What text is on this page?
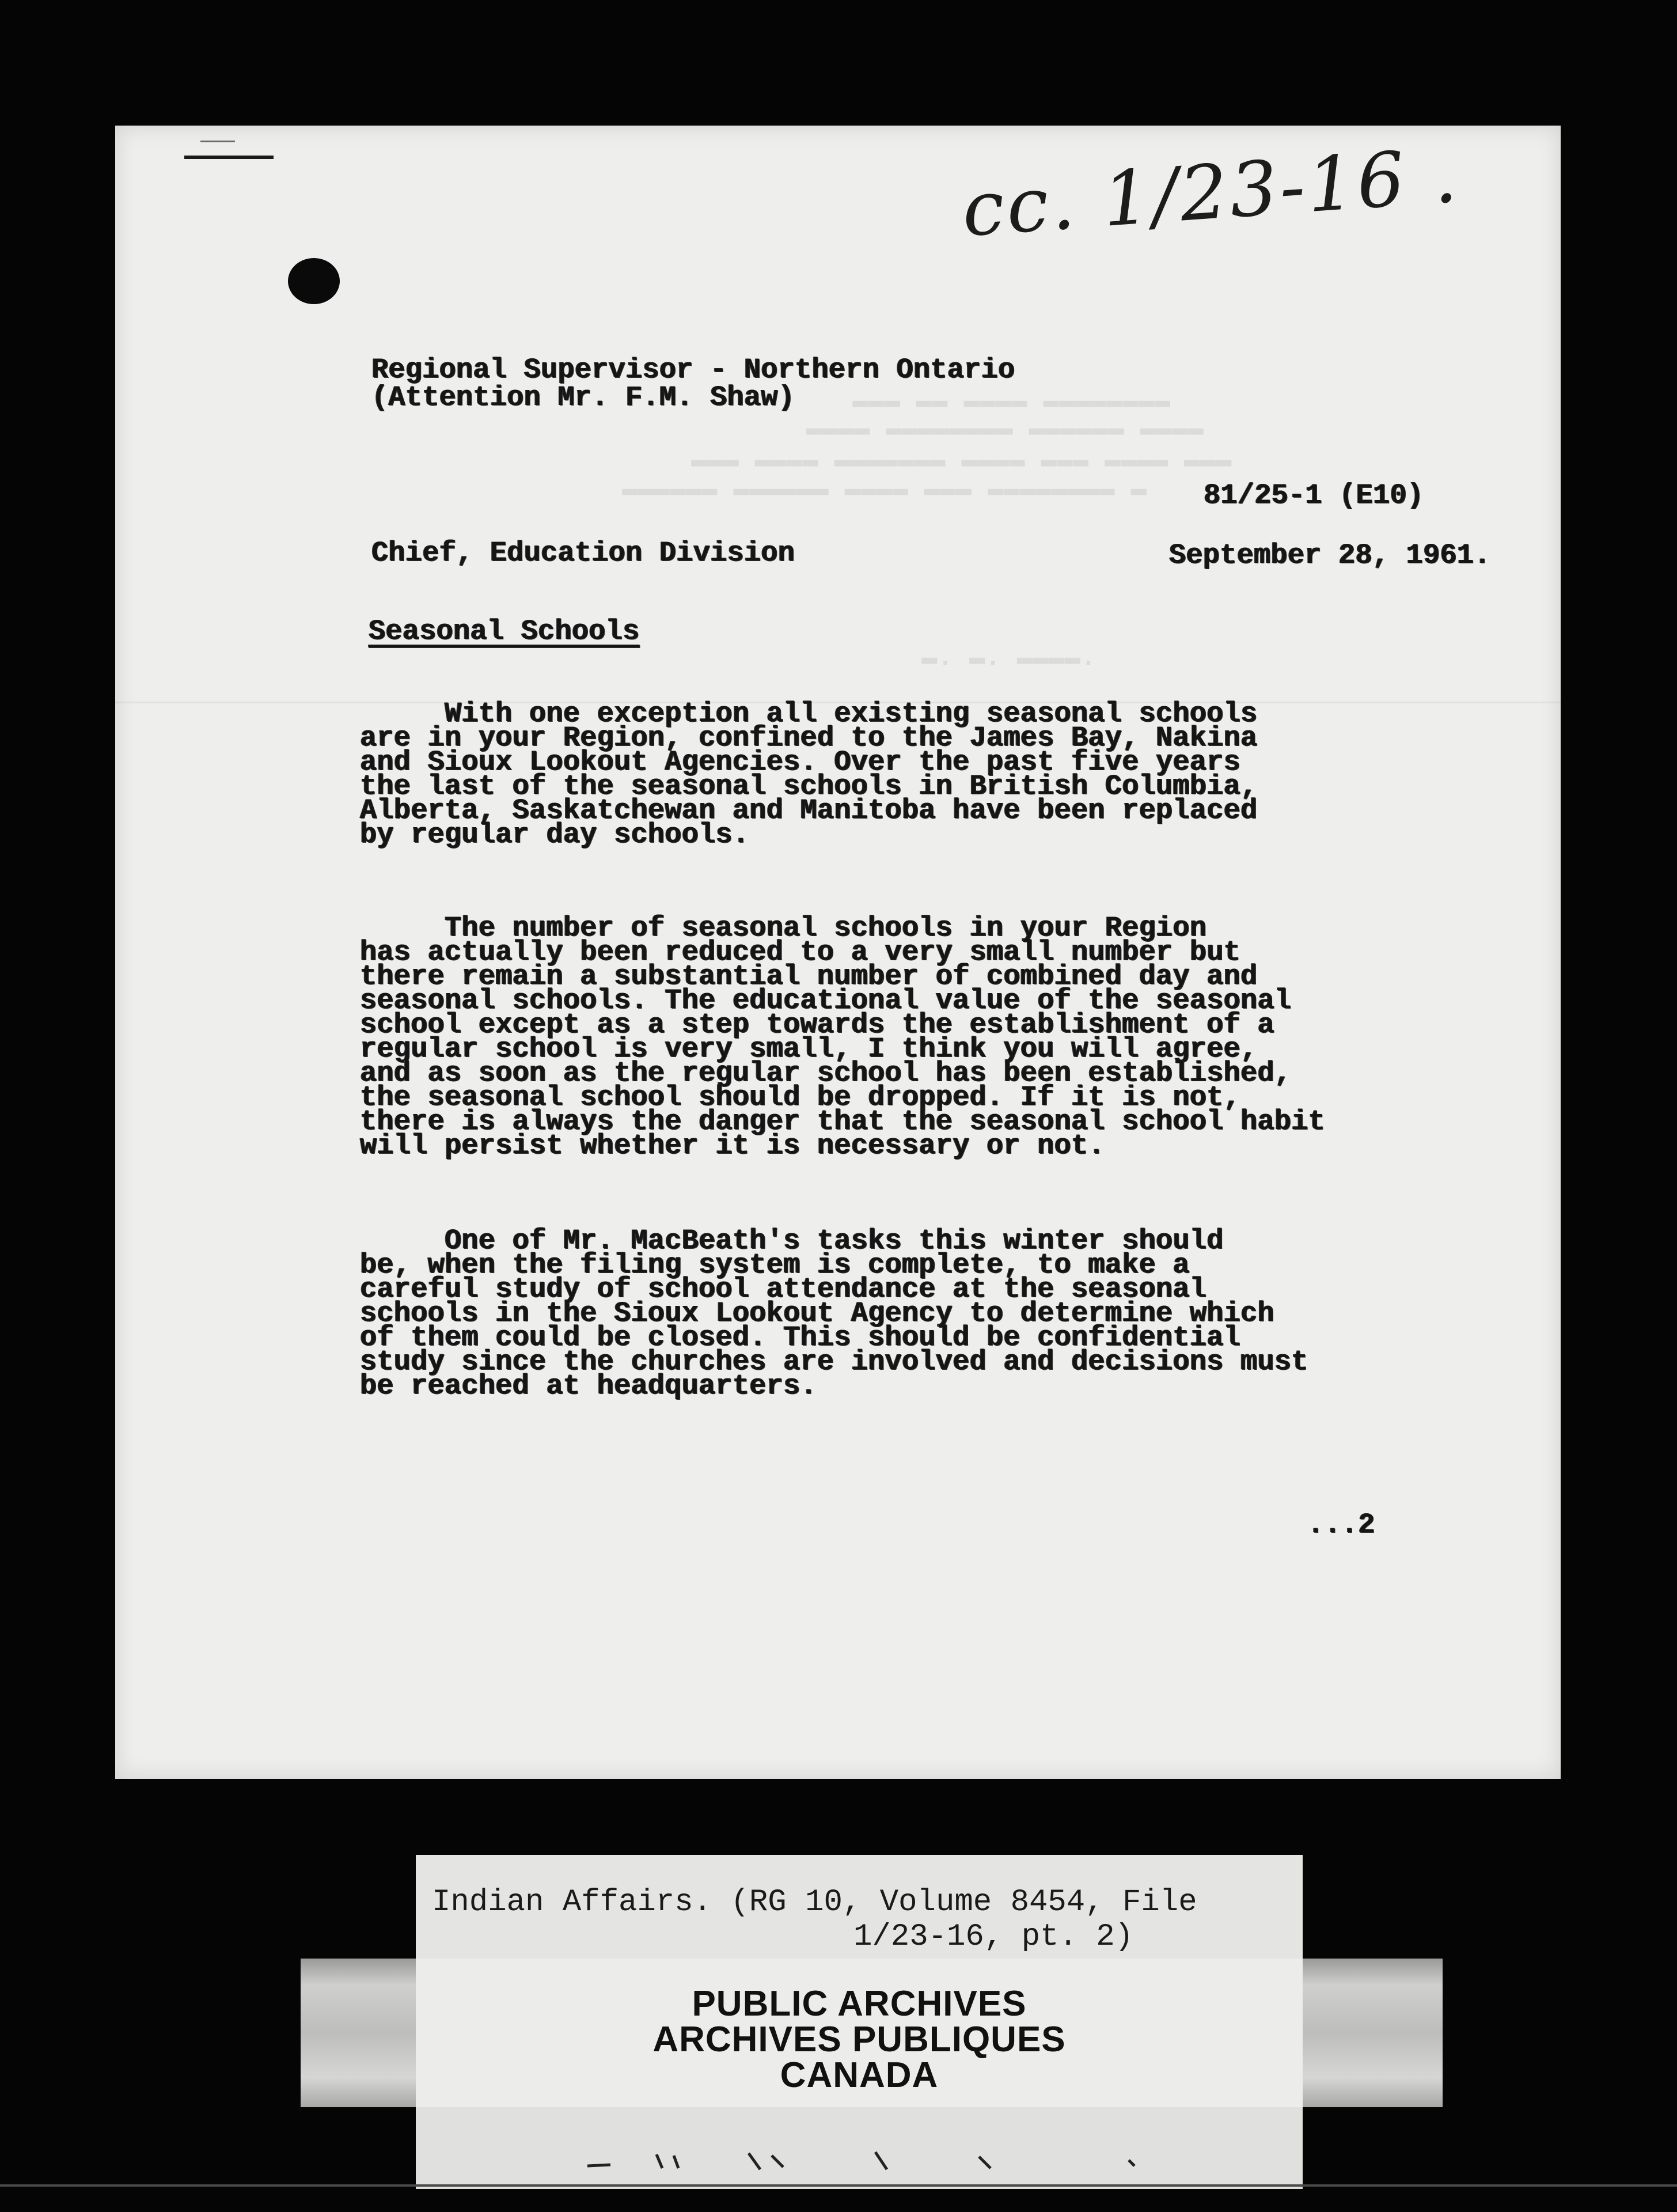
cc. 1/23-16 .
▬▬▬ ▬▬ ▬▬▬▬ ▬▬▬▬▬▬▬▬
▬▬▬▬ ▬▬▬▬▬▬▬▬ ▬▬▬▬▬▬ ▬▬▬▬
▬▬▬ ▬▬▬▬ ▬▬▬▬▬▬▬ ▬▬▬▬ ▬▬▬ ▬▬▬▬ ▬▬▬
▬▬▬▬▬▬ ▬▬▬▬▬▬ ▬▬▬▬ ▬▬▬ ▬▬▬▬▬▬▬▬ ▬
▬. ▬. ▬▬▬▬.
Regional Supervisor - Northern Ontario
(Attention Mr. F.M. Shaw)
81/25-1 (E10)
Chief, Education Division	September 28, 1961.
Seasonal Schools
With one exception all existing seasonal schools
are in your Region, confined to the James Bay, Nakina
and Sioux Lookout Agencies. Over the past five years
the last of the seasonal schools in British Columbia,
Alberta, Saskatchewan and Manitoba have been replaced
by regular day schools.
The number of seasonal schools in your Region
has actually been reduced to a very small number but
there remain a substantial number of combined day and
seasonal schools. The educational value of the seasonal
school except as a step towards the establishment of a
regular school is very small, I think you will agree,
and as soon as the regular school has been established,
the seasonal school should be dropped. If it is not,
there is always the danger that the seasonal school habit
will persist whether it is necessary or not.
One of Mr. MacBeath's tasks this winter should
be, when the filing system is complete, to make a
careful study of school attendance at the seasonal
schools in the Sioux Lookout Agency to determine which
of them could be closed. This should be confidential
study since the churches are involved and decisions must
be reached at headquarters.
...2
Indian Affairs. (RG 10, Volume 8454, File
1/23-16, pt. 2)
PUBLIC ARCHIVES
ARCHIVES PUBLIQUES
CANADA
